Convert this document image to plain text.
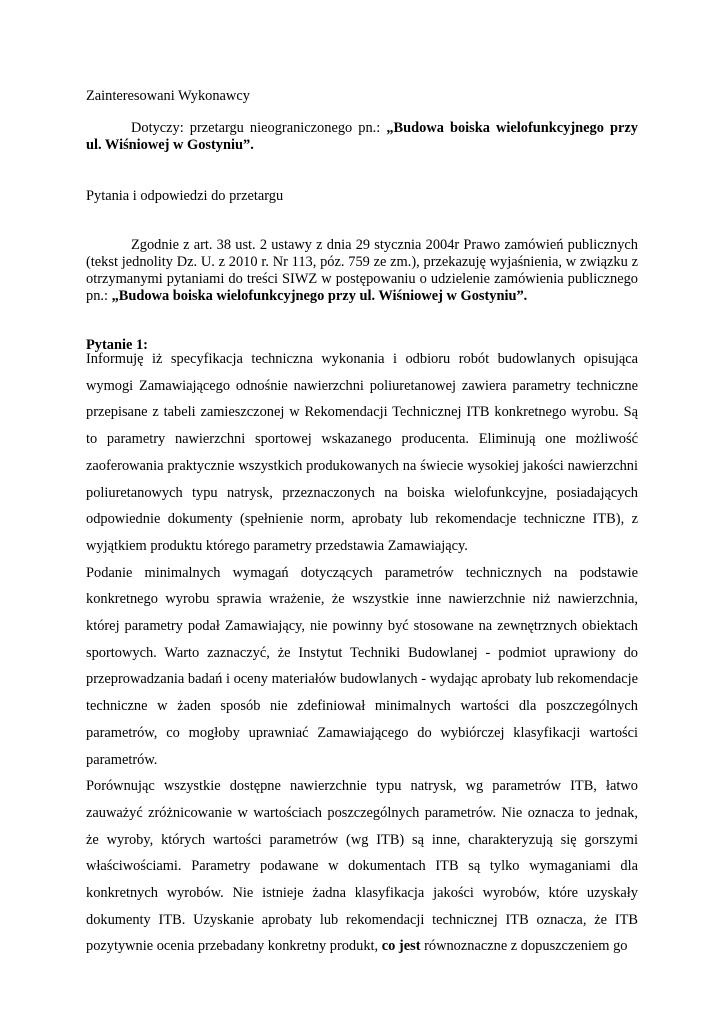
Zainteresowani Wykonawcy

Dotyczy: przetargu nieograniczonego pn.: „Budowa boiska wielofunkcyjnego przy ul. Wiśniowej w Gostyniu”.

Pytania i odpowiedzi do przetargu

Zgodnie z art. 38 ust. 2 ustawy z dnia 29 stycznia 2004r Prawo zamówień publicznych (tekst jednolity Dz. U. z 2010 r. Nr 113, póz. 759 ze zm.), przekazuję wyjaśnienia, w związku z otrzymanymi pytaniami do treści SIWZ w postępowaniu o udzielenie zamówienia publicznego pn.: „Budowa boiska wielofunkcyjnego przy ul. Wiśniowej w Gostyniu”.

Pytanie 1:

Informuję iż specyfikacja techniczna wykonania i odbioru robót budowlanych opisująca wymogi Zamawiającego odnośnie nawierzchni poliuretanowej zawiera parametry techniczne przepisane z tabeli zamieszczonej w Rekomendacji Technicznej ITB konkretnego wyrobu. Są to parametry nawierzchni sportowej wskazanego producenta. Eliminują one możliwość zaoferowania praktycznie wszystkich produkowanych na świecie wysokiej jakości nawierzchni poliuretanowych typu natrysk, przeznaczonych na boiska wielofunkcyjne, posiadających odpowiednie dokumenty (spełnienie norm, aprobaty lub rekomendacje techniczne ITB), z wyjątkiem produktu którego parametry przedstawia Zamawiający.

Podanie minimalnych wymagań dotyczących parametrów technicznych na podstawie konkretnego wyrobu sprawia wrażenie, że wszystkie inne nawierzchnie niż nawierzchnia, której parametry podał Zamawiający, nie powinny być stosowane na zewnętrznych obiektach sportowych. Warto zaznaczyć, że Instytut Techniki Budowlanej - podmiot uprawiony do przeprowadzania badań i oceny materiałów budowlanych - wydając aprobaty lub rekomendacje techniczne w żaden sposób nie zdefiniował minimalnych wartości dla poszczególnych parametrów, co mogłoby uprawniać Zamawiającego do wybiórczej klasyfikacji wartości parametrów.

Porównując wszystkie dostępne nawierzchnie typu natrysk, wg parametrów ITB, łatwo zauważyć zróżnicowanie w wartościach poszczególnych parametrów. Nie oznacza to jednak, że wyroby, których wartości parametrów (wg ITB) są inne, charakteryzują się gorszymi właściwościami. Parametry podawane w dokumentach ITB są tylko wymaganiami dla konkretnych wyrobów. Nie istnieje żadna klasyfikacja jakości wyrobów, które uzyskały dokumenty ITB. Uzyskanie aprobaty lub rekomendacji technicznej ITB oznacza, że ITB pozytywnie ocenia przebadany konkretny produkt, co jest równoznaczne z dopuszczeniem go
